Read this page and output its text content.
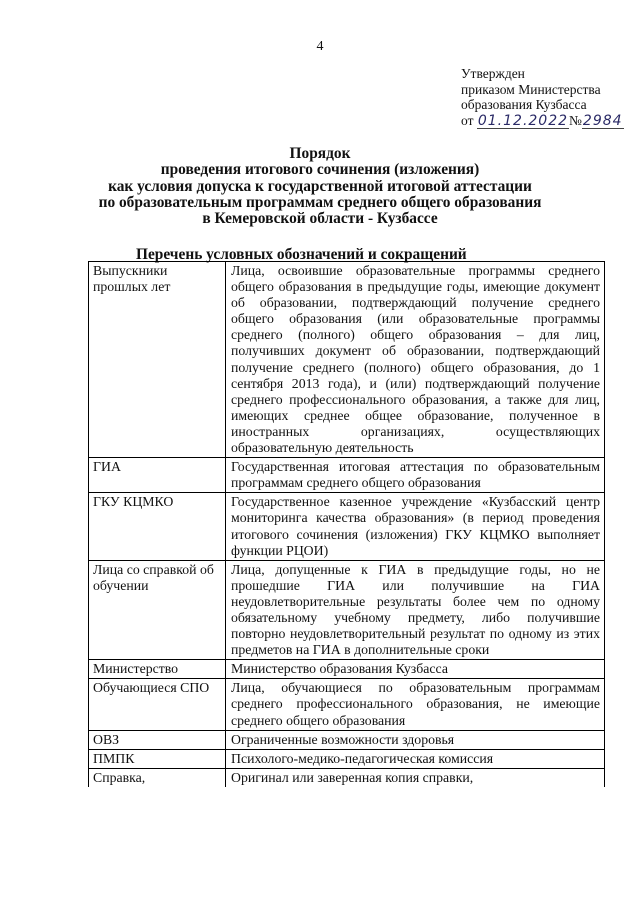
4
Утвержден
приказом Министерства
образования Кузбасса
от
01.12.2022 № 2984
Порядок
проведения итогового сочинения (изложения)
как условия допуска к государственной итоговой аттестации
по образовательным программам среднего общего образования
в Кемеровской области - Кузбассе
Перечень условных обозначений и сокращений
Выпускники прошлых лет	Лица, освоившие образовательные программы среднего общего образования в предыдущие годы, имеющие документ об образовании, подтверждающий получение среднего общего образования (или образовательные программы среднего (полного) общего образования – для лиц, получивших документ об образовании, подтверждающий получение среднего (полного) общего образования, до 1 сентября 2013 года), и (или) подтверждающий получение среднего профессионального образования, а также для лиц, имеющих среднее общее образование, полученное в иностранных организациях, осуществляющих образовательную деятельность
ГИА	Государственная итоговая аттестация по образовательным программам среднего общего образования
ГКУ КЦМКО	Государственное казенное учреждение «Кузбасский центр мониторинга качества образования» (в период проведения итогового сочинения (изложения) ГКУ КЦМКО выполняет функции РЦОИ)
Лица со справкой об обучении	Лица, допущенные к ГИА в предыдущие годы, но не прошедшие ГИА или получившие на ГИА неудовлетворительные результаты более чем по одному обязательному учебному предмету, либо получившие повторно неудовлетворительный результат по одному из этих предметов на ГИА в дополнительные сроки
Министерство	Министерство образования Кузбасса
Обучающиеся СПО	Лица, обучающиеся по образовательным программам среднего профессионального образования, не имеющие среднего общего образования
ОВЗ	Ограниченные возможности здоровья
ПМПК	Психолого-медико-педагогическая комиссия
Справка,	Оригинал или заверенная копия справки,
